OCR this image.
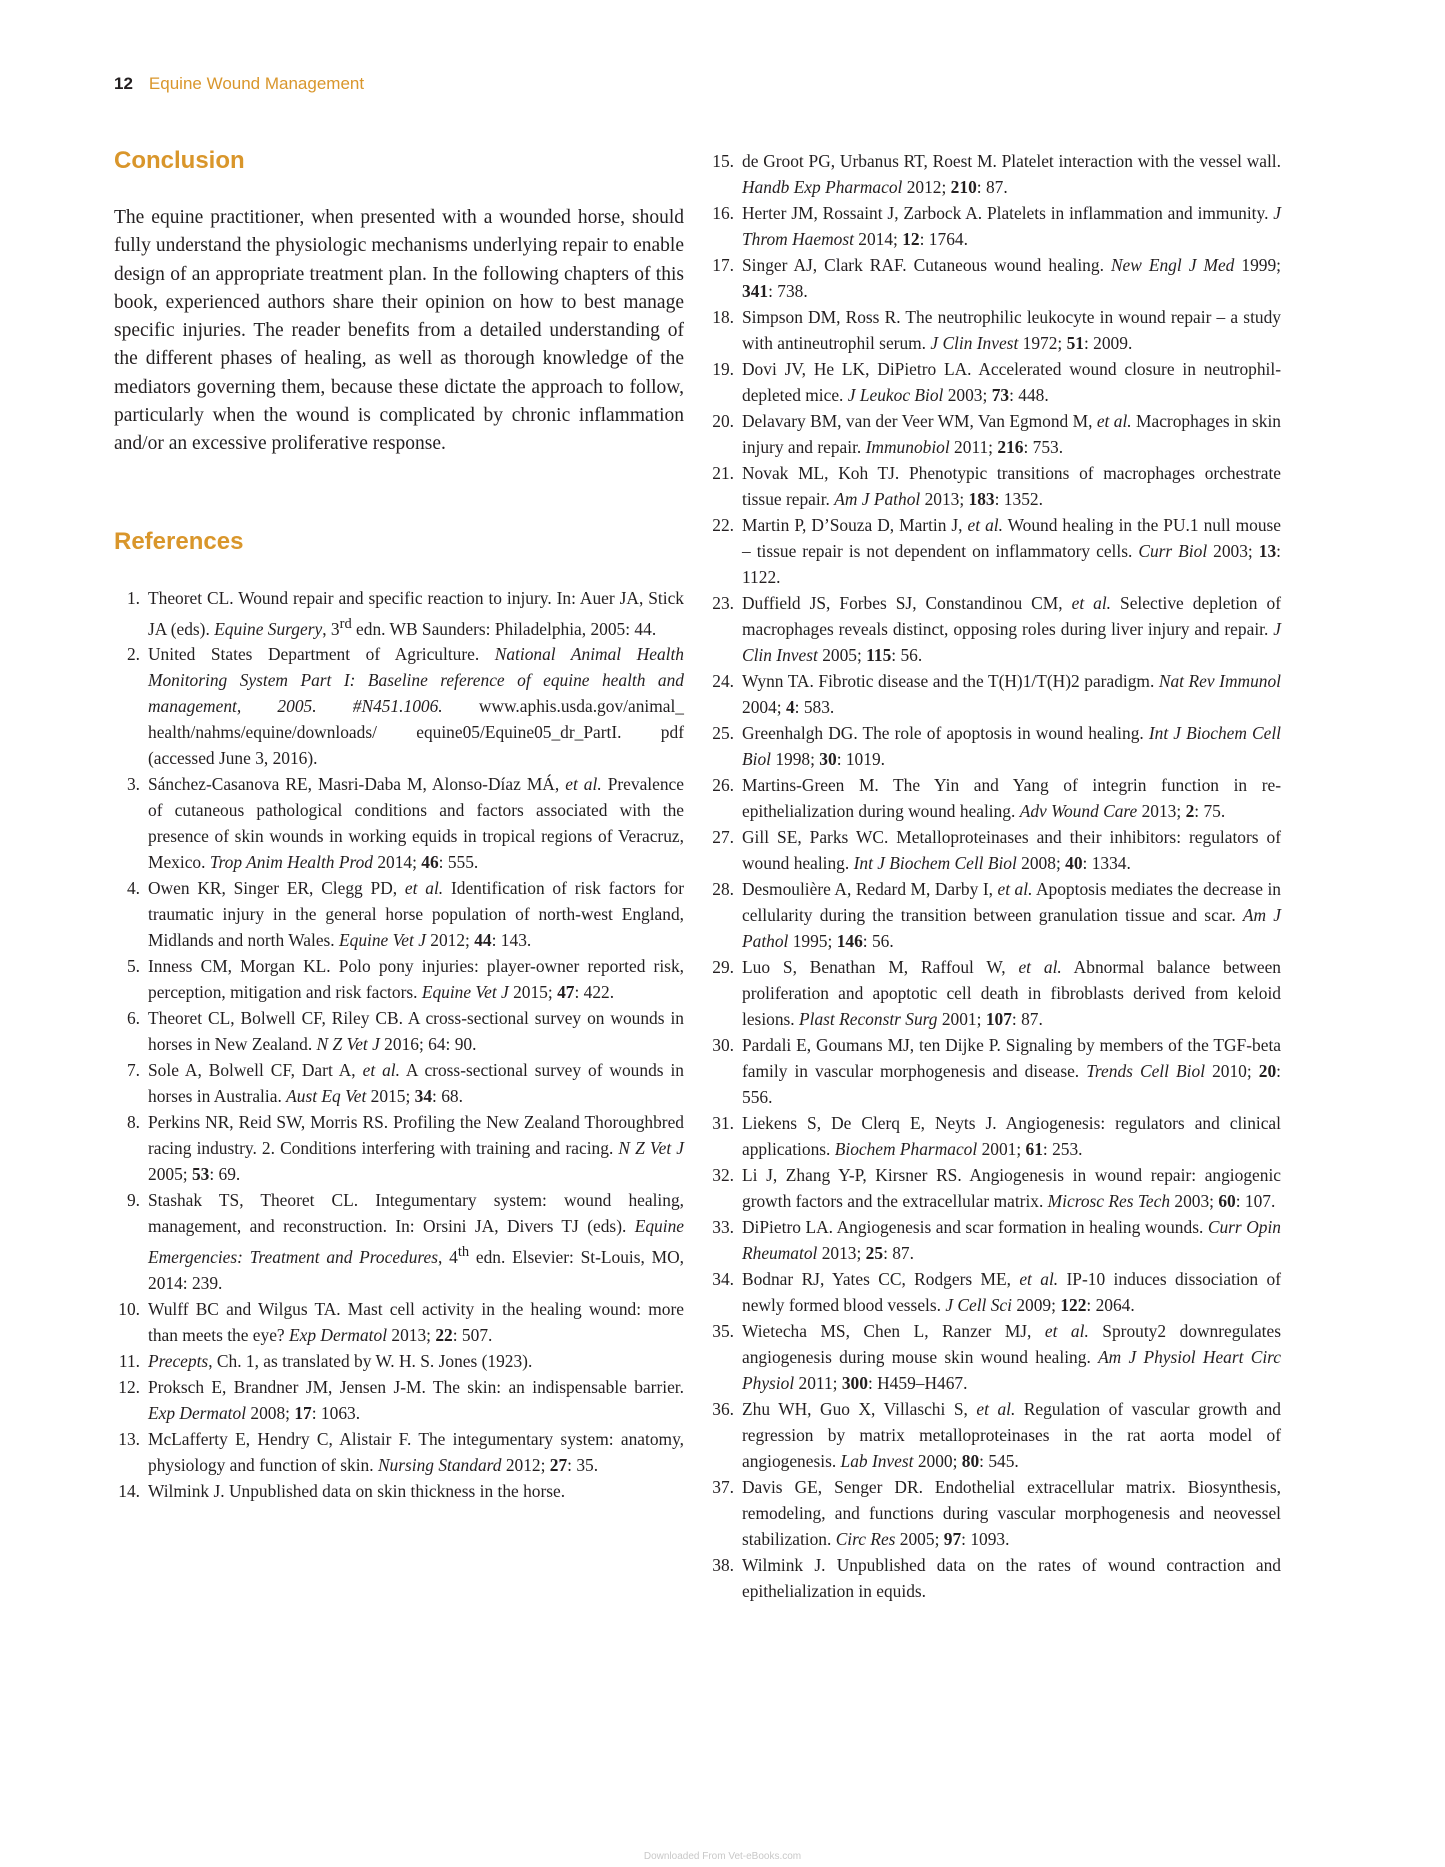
12 Equine Wound Management
Conclusion

The equine practitioner, when presented with a wounded horse, should fully understand the physiologic mechanisms underlying repair to enable design of an appropriate treatment plan. In the following chapters of this book, experienced authors share their opinion on how to best manage specific injuries. The reader benefits from a detailed understanding of the different phases of healing, as well as thorough knowledge of the mediators governing them, because these dictate the approach to follow, particularly when the wound is complicated by chronic inflammation and/or an excessive proliferative response.

References
1. Theoret CL. Wound repair and specific reaction to injury. In: Auer JA, Stick JA (eds). Equine Surgery, 3rd edn. WB Saunders: Philadelphia, 2005: 44.
2. United States Department of Agriculture. National Animal Health Monitoring System Part I: Baseline reference of equine health and management, 2005. #N451.1006. www.aphis.usda.gov/animal_ health/nahms/equine/downloads/ equine05/Equine05_dr_PartI. pdf (accessed June 3, 2016).
3. Sánchez-Casanova RE, Masri-Daba M, Alonso-Díaz MÁ, et al. Prevalence of cutaneous pathological conditions and factors associated with the presence of skin wounds in working equids in tropical regions of Veracruz, Mexico. Trop Anim Health Prod 2014; 46: 555.
4. Owen KR, Singer ER, Clegg PD, et al. Identification of risk factors for traumatic injury in the general horse population of north-west England, Midlands and north Wales. Equine Vet J 2012; 44: 143.
5. Inness CM, Morgan KL. Polo pony injuries: player-owner reported risk, perception, mitigation and risk factors. Equine Vet J 2015; 47: 422.
6. Theoret CL, Bolwell CF, Riley CB. A cross-sectional survey on wounds in horses in New Zealand. N Z Vet J 2016; 64: 90.
7. Sole A, Bolwell CF, Dart A, et al. A cross-sectional survey of wounds in horses in Australia. Aust Eq Vet 2015; 34: 68.
8. Perkins NR, Reid SW, Morris RS. Profiling the New Zealand Thoroughbred racing industry. 2. Conditions interfering with training and racing. N Z Vet J 2005; 53: 69.
9. Stashak TS, Theoret CL. Integumentary system: wound healing, management, and reconstruction. In: Orsini JA, Divers TJ (eds). Equine Emergencies: Treatment and Procedures, 4th edn. Elsevier: St-Louis, MO, 2014: 239.
10. Wulff BC and Wilgus TA. Mast cell activity in the healing wound: more than meets the eye? Exp Dermatol 2013; 22: 507.
11. Precepts, Ch. 1, as translated by W. H. S. Jones (1923).
12. Proksch E, Brandner JM, Jensen J-M. The skin: an indispensable barrier. Exp Dermatol 2008; 17: 1063.
13. McLafferty E, Hendry C, Alistair F. The integumentary system: anatomy, physiology and function of skin. Nursing Standard 2012; 27: 35.
14. Wilmink J. Unpublished data on skin thickness in the horse.
15. de Groot PG, Urbanus RT, Roest M. Platelet interaction with the vessel wall. Handb Exp Pharmacol 2012; 210: 87.
16. Herter JM, Rossaint J, Zarbock A. Platelets in inflammation and immunity. J Throm Haemost 2014; 12: 1764.
17. Singer AJ, Clark RAF. Cutaneous wound healing. New Engl J Med 1999; 341: 738.
18. Simpson DM, Ross R. The neutrophilic leukocyte in wound repair – a study with antineutrophil serum. J Clin Invest 1972; 51: 2009.
19. Dovi JV, He LK, DiPietro LA. Accelerated wound closure in neutrophil-depleted mice. J Leukoc Biol 2003; 73: 448.
20. Delavary BM, van der Veer WM, Van Egmond M, et al. Macrophages in skin injury and repair. Immunobiol 2011; 216: 753.
21. Novak ML, Koh TJ. Phenotypic transitions of macrophages orchestrate tissue repair. Am J Pathol 2013; 183: 1352.
22. Martin P, D’Souza D, Martin J, et al. Wound healing in the PU.1 null mouse – tissue repair is not dependent on inflammatory cells. Curr Biol 2003; 13: 1122.
23. Duffield JS, Forbes SJ, Constandinou CM, et al. Selective depletion of macrophages reveals distinct, opposing roles during liver injury and repair. J Clin Invest 2005; 115: 56.
24. Wynn TA. Fibrotic disease and the T(H)1/T(H)2 paradigm. Nat Rev Immunol 2004; 4: 583.
25. Greenhalgh DG. The role of apoptosis in wound healing. Int J Biochem Cell Biol 1998; 30: 1019.
26. Martins-Green M. The Yin and Yang of integrin function in re-epithelialization during wound healing. Adv Wound Care 2013; 2: 75.
27. Gill SE, Parks WC. Metalloproteinases and their inhibitors: regulators of wound healing. Int J Biochem Cell Biol 2008; 40: 1334.
28. Desmoulière A, Redard M, Darby I, et al. Apoptosis mediates the decrease in cellularity during the transition between granulation tissue and scar. Am J Pathol 1995; 146: 56.
29. Luo S, Benathan M, Raffoul W, et al. Abnormal balance between proliferation and apoptotic cell death in fibroblasts derived from keloid lesions. Plast Reconstr Surg 2001; 107: 87.
30. Pardali E, Goumans MJ, ten Dijke P. Signaling by members of the TGF-beta family in vascular morphogenesis and disease. Trends Cell Biol 2010; 20: 556.
31. Liekens S, De Clerq E, Neyts J. Angiogenesis: regulators and clinical applications. Biochem Pharmacol 2001; 61: 253.
32. Li J, Zhang Y-P, Kirsner RS. Angiogenesis in wound repair: angiogenic growth factors and the extracellular matrix. Microsc Res Tech 2003; 60: 107.
33. DiPietro LA. Angiogenesis and scar formation in healing wounds. Curr Opin Rheumatol 2013; 25: 87.
34. Bodnar RJ, Yates CC, Rodgers ME, et al. IP-10 induces dissociation of newly formed blood vessels. J Cell Sci 2009; 122: 2064.
35. Wietecha MS, Chen L, Ranzer MJ, et al. Sprouty2 downregulates angiogenesis during mouse skin wound healing. Am J Physiol Heart Circ Physiol 2011; 300: H459–H467.
36. Zhu WH, Guo X, Villaschi S, et al. Regulation of vascular growth and regression by matrix metalloproteinases in the rat aorta model of angiogenesis. Lab Invest 2000; 80: 545.
37. Davis GE, Senger DR. Endothelial extracellular matrix. Biosynthesis, remodeling, and functions during vascular morphogenesis and neovessel stabilization. Circ Res 2005; 97: 1093.
38. Wilmink J. Unpublished data on the rates of wound contraction and epithelialization in equids.
Downloaded From Vet-eBooks.com
